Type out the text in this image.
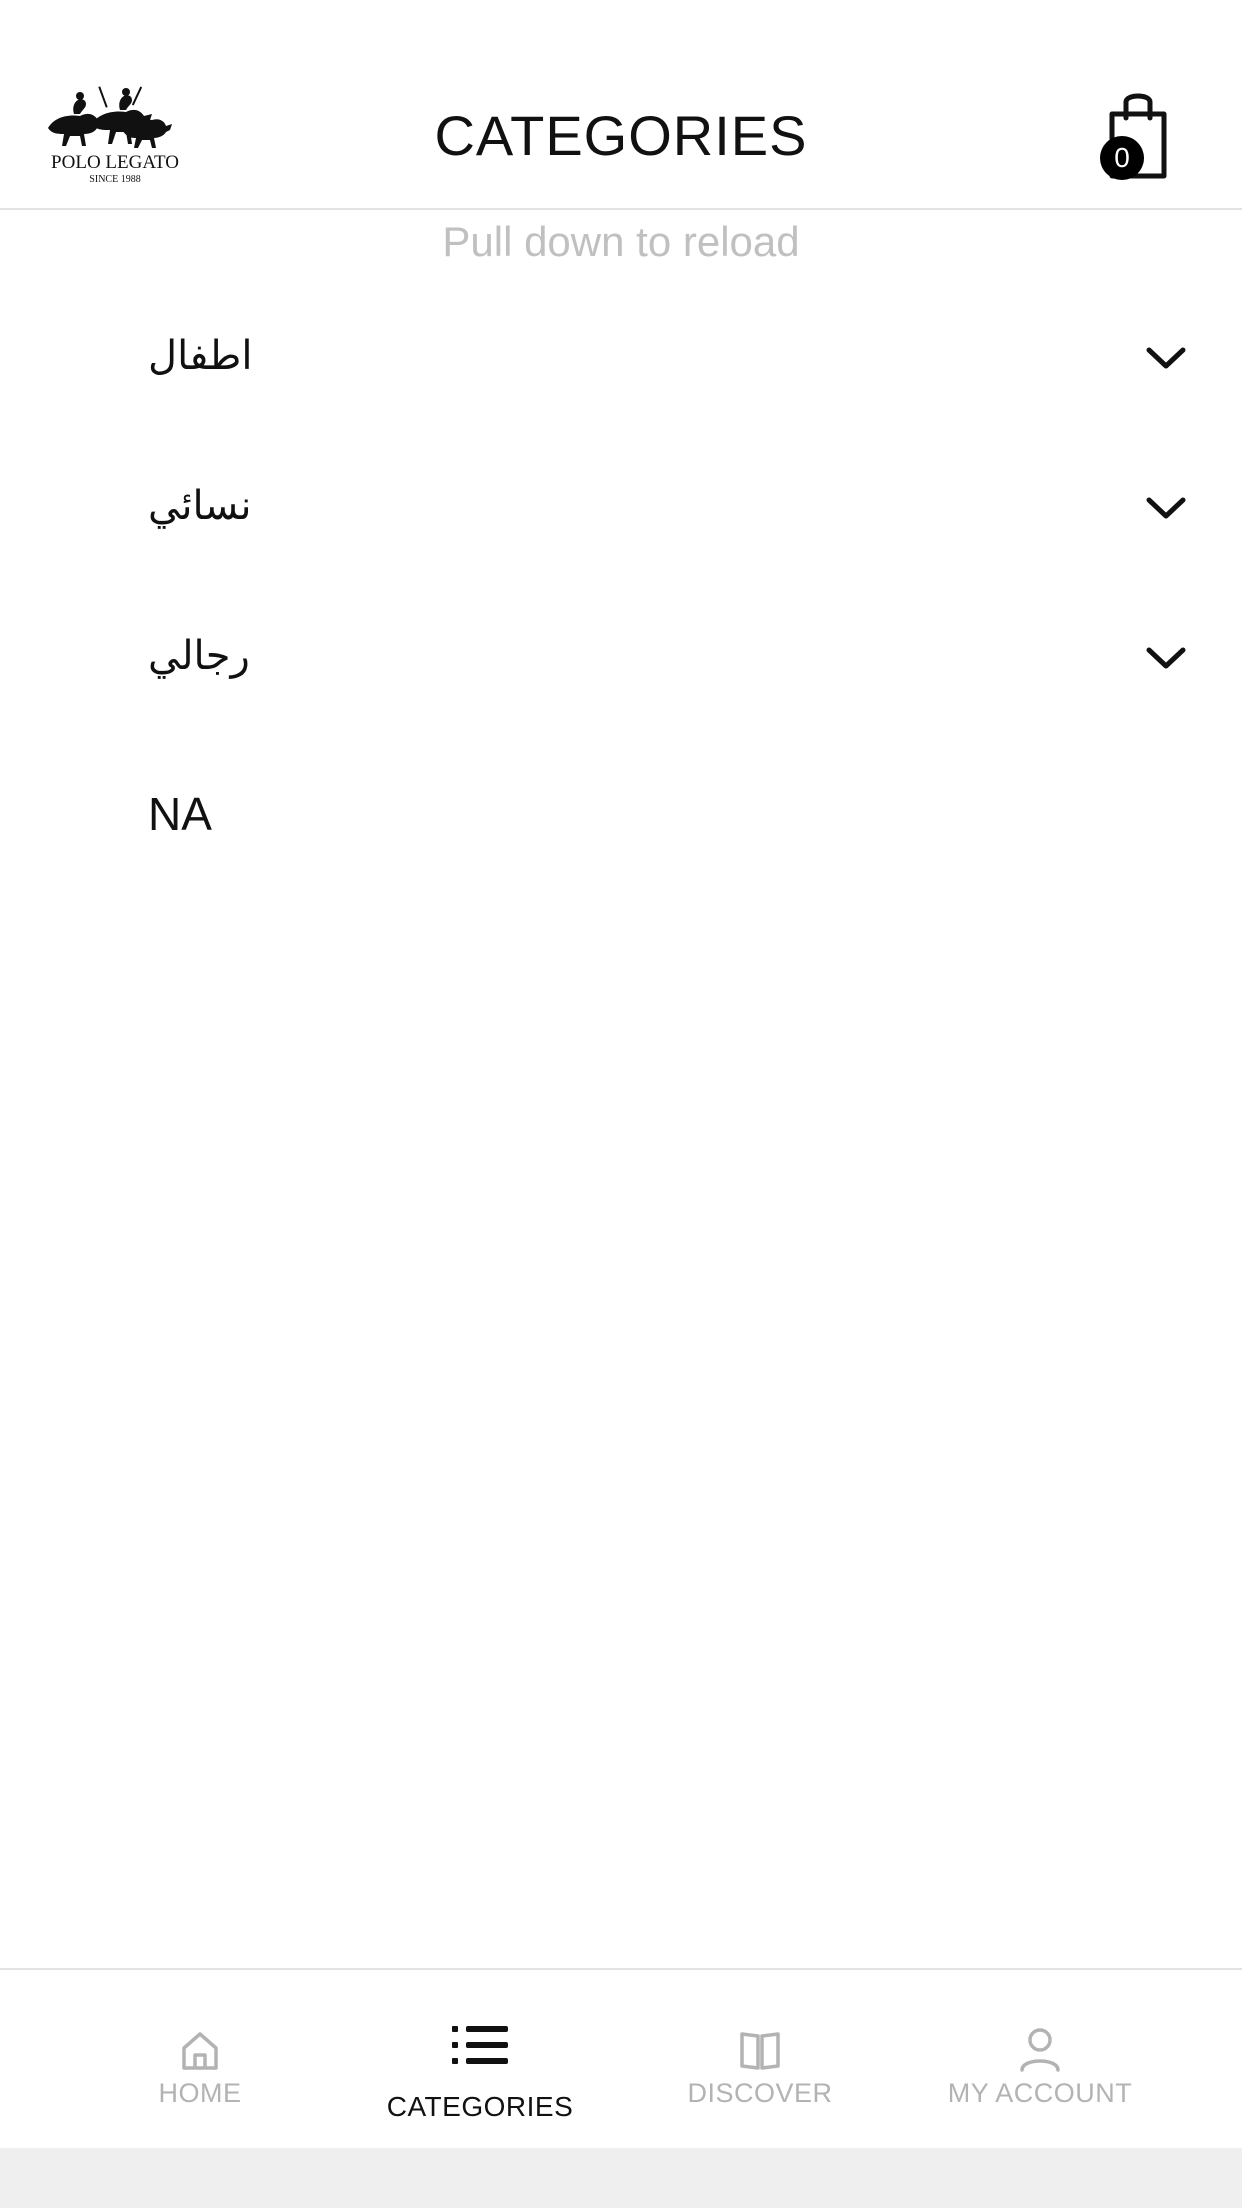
POLO LEGATO
SINCE 1988
CATEGORIES	0
Pull down to reload
اطفال
نسائي
رجالي
NA
HOME	CATEGORIES	DISCOVER	MY ACCOUNT
